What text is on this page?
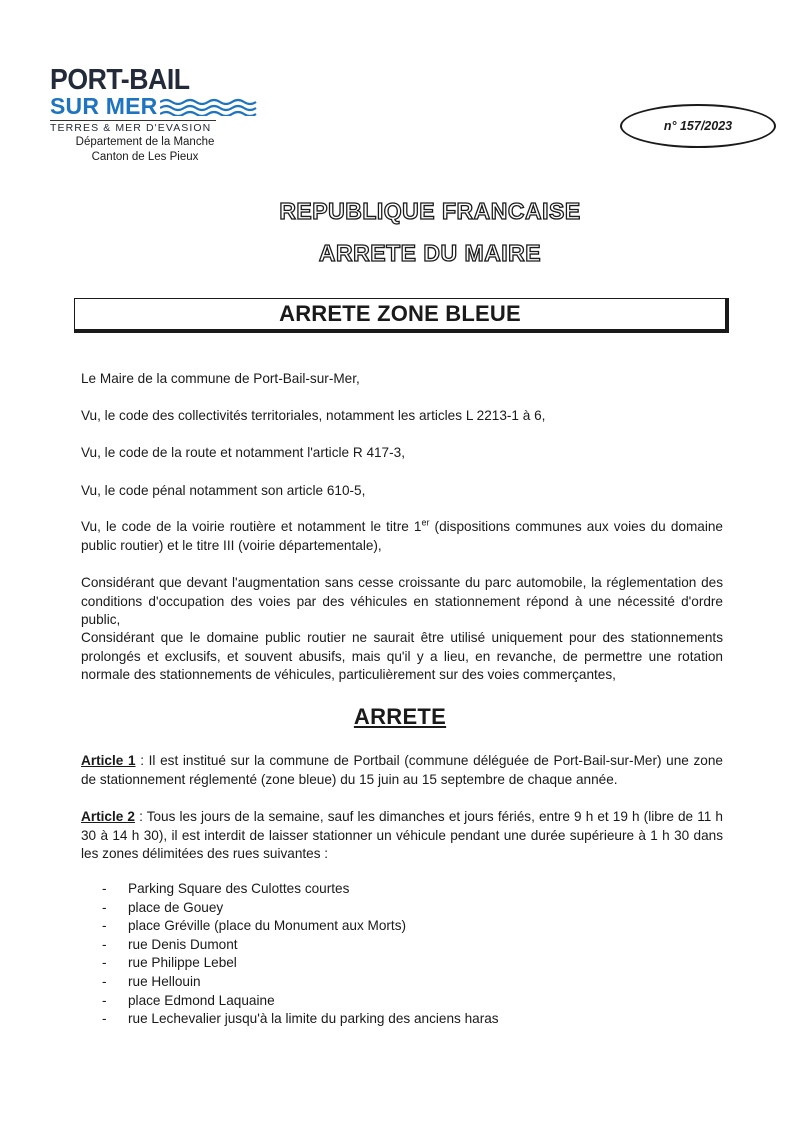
PORT-BAIL
SUR MER
TERRES & MER D'EVASION
Département de la Manche
Canton de Les Pieux
n° 157/2023
REPUBLIQUE FRANCAISE
ARRETE DU MAIRE
ARRETE ZONE BLEUE

Le Maire de la commune de Port-Bail-sur-Mer,

Vu, le code des collectivités territoriales, notamment les articles L 2213-1 à 6,

Vu, le code de la route et notamment l'article R 417-3,

Vu, le code pénal notamment son article 610-5,

Vu, le code de la voirie routière et notamment le titre 1er (dispositions communes aux voies du domaine public routier) et le titre III (voirie départementale),

Considérant que devant l'augmentation sans cesse croissante du parc automobile, la réglementation des conditions d'occupation des voies par des véhicules en stationnement répond à une nécessité d'ordre public,

Considérant que le domaine public routier ne saurait être utilisé uniquement pour des stationnements prolongés et exclusifs, et souvent abusifs, mais qu'il y a lieu, en revanche, de permettre une rotation normale des stationnements de véhicules, particulièrement sur des voies commerçantes,

ARRETE

Article 1 : Il est institué sur la commune de Portbail (commune déléguée de Port-Bail-sur-Mer) une zone de stationnement réglementé (zone bleue) du 15 juin au 15 septembre de chaque année.

Article 2 : Tous les jours de la semaine, sauf les dimanches et jours fériés, entre 9 h et 19 h (libre de 11 h 30 à 14 h 30), il est interdit de laisser stationner un véhicule pendant une durée supérieure à 1 h 30 dans les zones délimitées des rues suivantes :

- Parking Square des Culottes courtes
- place de Gouey
- place Gréville (place du Monument aux Morts)
- rue Denis Dumont
- rue Philippe Lebel
- rue Hellouin
- place Edmond Laquaine
- rue Lechevalier jusqu'à la limite du parking des anciens haras
